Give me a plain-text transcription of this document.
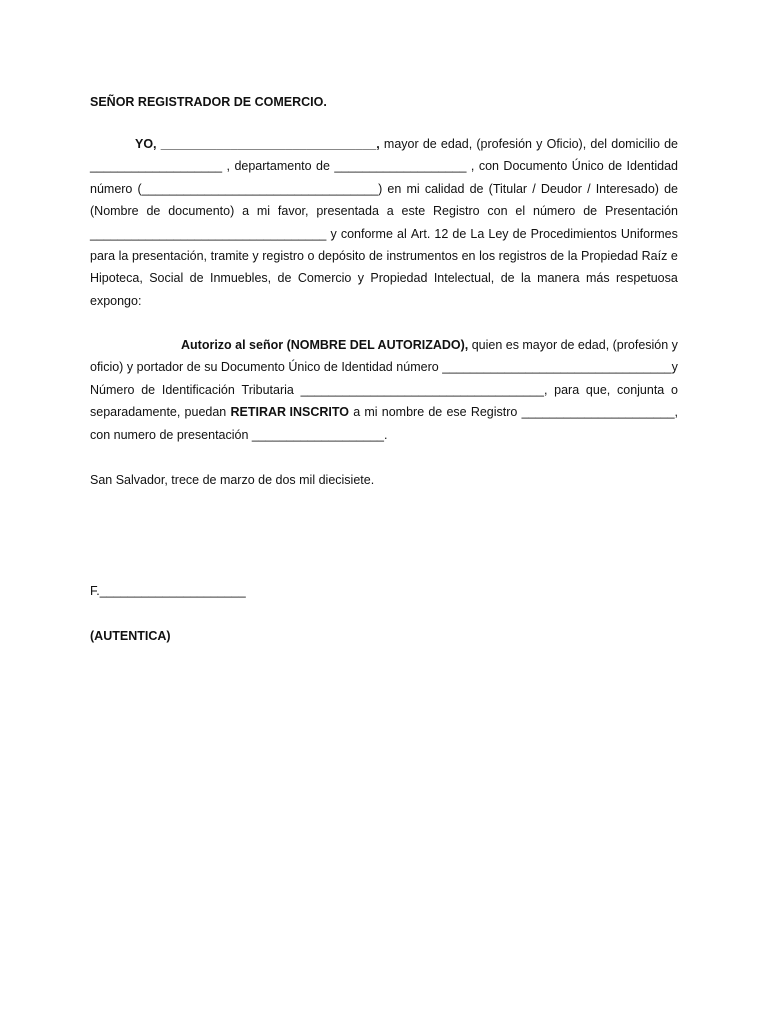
SEÑOR REGISTRADOR DE COMERCIO.
YO, _______________________________, mayor de edad, (profesión y Oficio), del domicilio de
___________________ , departamento de ___________________ , con Documento Único de Identidad
número (__________________________________) en mi calidad de (Titular / Deudor / Interesado) de
(Nombre de documento) a mi favor, presentada a este Registro con el número de Presentación
__________________________________ y conforme al Art. 12 de La Ley de Procedimientos Uniformes
para la presentación, tramite y registro o depósito de instrumentos en los registros de la Propiedad Raíz e
Hipoteca, Social de Inmuebles, de Comercio y Propiedad Intelectual, de la manera más respetuosa
expongo:
Autorizo al señor (NOMBRE DEL AUTORIZADO), quien es mayor de edad, (profesión y
oficio) y portador de su Documento Único de Identidad número _________________________________y
Número de Identificación Tributaria ___________________________________, para que, conjunta o
separadamente, puedan RETIRAR INSCRITO a mi nombre de ese Registro ______________________,
con numero de presentación ___________________.
San Salvador, trece de marzo de dos mil diecisiete.
F._____________________
(AUTENTICA)
